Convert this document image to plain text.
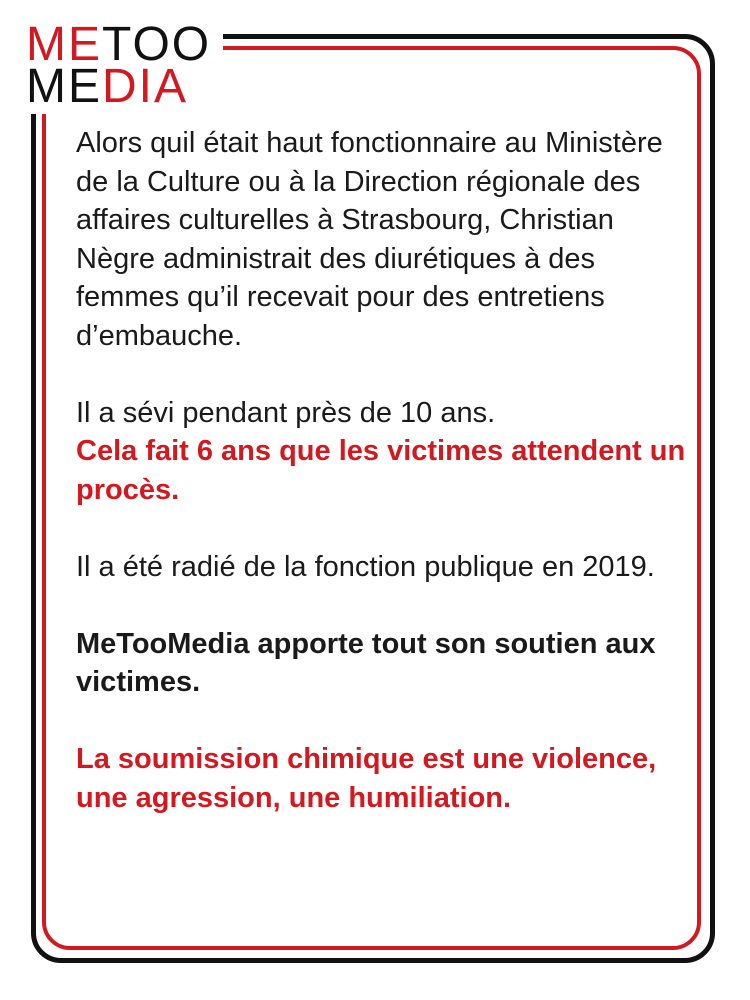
METOO
MEDIA

Alors quil était haut fonctionnaire au Ministère de la Culture ou à la Direction régionale des affaires culturelles à Strasbourg, Christian Nègre administrait des diurétiques à des femmes qu’il recevait pour des entretiens d’embauche.

Il a sévi pendant près de 10 ans.

Cela fait 6 ans que les victimes attendent un procès.

Il a été radié de la fonction publique en 2019.

MeTooMedia apporte tout son soutien aux victimes.

La soumission chimique est une violence, une agression, une humiliation.
